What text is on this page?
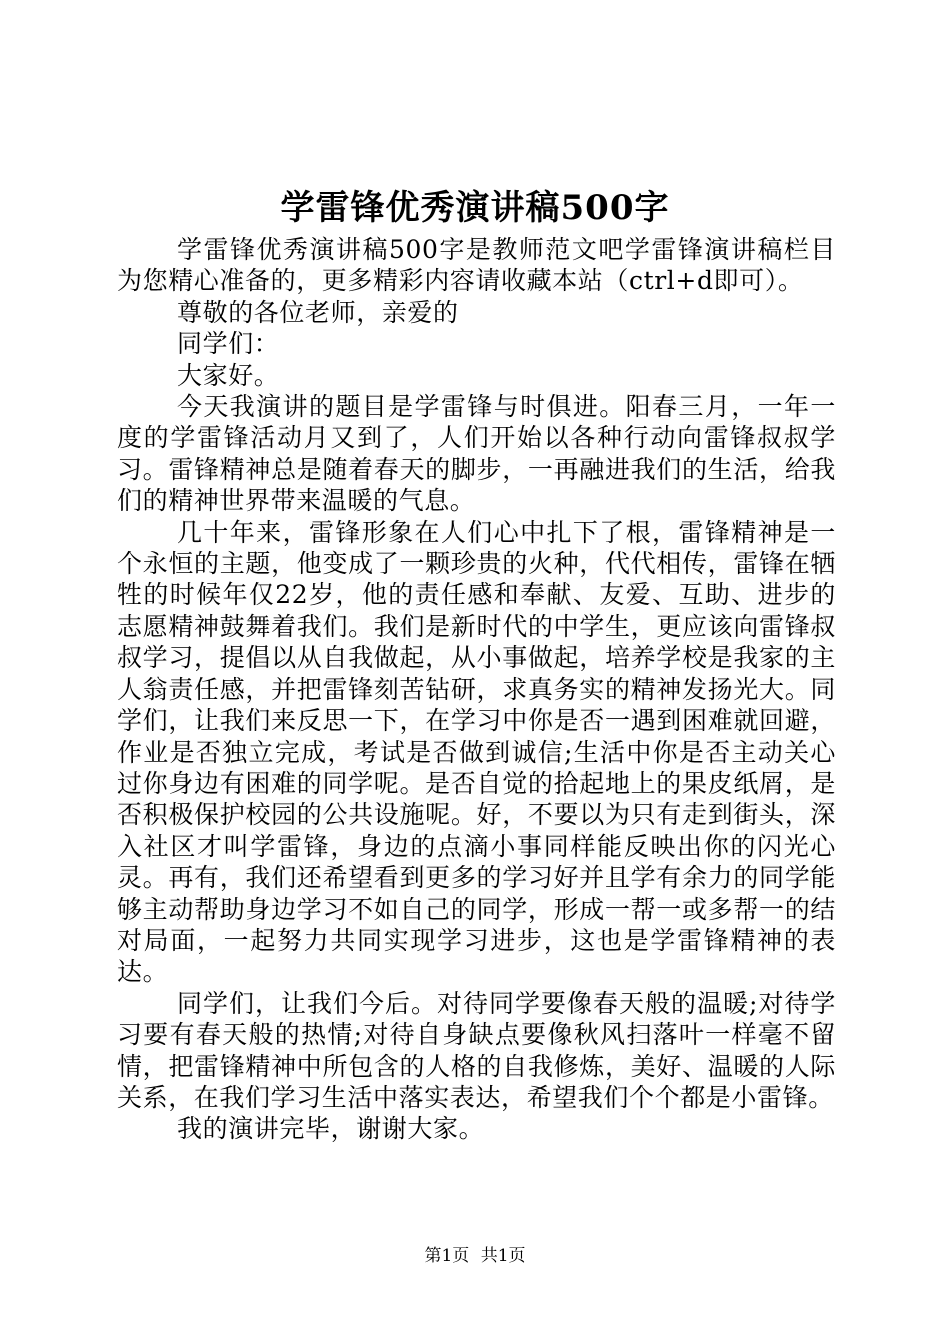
学雷锋优秀演讲稿500字

学雷锋优秀演讲稿500字是教师范文吧学雷锋演讲稿栏目为您精心准备的，更多精彩内容请收藏本站（ctrl+d即可）。

尊敬的各位老师，亲爱的

同学们：

大家好。

今天我演讲的题目是学雷锋与时俱进。阳春三月，一年一度的学雷锋活动月又到了，人们开始以各种行动向雷锋叔叔学习。雷锋精神总是随着春天的脚步，一再融进我们的生活，给我们的精神世界带来温暖的气息。

几十年来，雷锋形象在人们心中扎下了根，雷锋精神是一个永恒的主题，他变成了一颗珍贵的火种，代代相传，雷锋在牺牲的时候年仅22岁，他的责任感和奉献、友爱、互助、进步的志愿精神鼓舞着我们。我们是新时代的中学生，更应该向雷锋叔叔学习，提倡以从自我做起，从小事做起，培养学校是我家的主人翁责任感，并把雷锋刻苦钻研，求真务实的精神发扬光大。同学们，让我们来反思一下，在学习中你是否一遇到困难就回避，作业是否独立完成，考试是否做到诚信;生活中你是否主动关心过你身边有困难的同学呢。是否自觉的拾起地上的果皮纸屑，是否积极保护校园的公共设施呢。好，不要以为只有走到街头，深入社区才叫学雷锋，身边的点滴小事同样能反映出你的闪光心灵。再有，我们还希望看到更多的学习好并且学有余力的同学能够主动帮助身边学习不如自己的同学，形成一帮一或多帮一的结对局面，一起努力共同实现学习进步，这也是学雷锋精神的表达。

同学们，让我们今后。对待同学要像春天般的温暖;对待学习要有春天般的热情;对待自身缺点要像秋风扫落叶一样毫不留情，把雷锋精神中所包含的人格的自我修炼，美好、温暖的人际关系，在我们学习生活中落实表达，希望我们个个都是小雷锋。

我的演讲完毕，谢谢大家。

第1页 共1页
